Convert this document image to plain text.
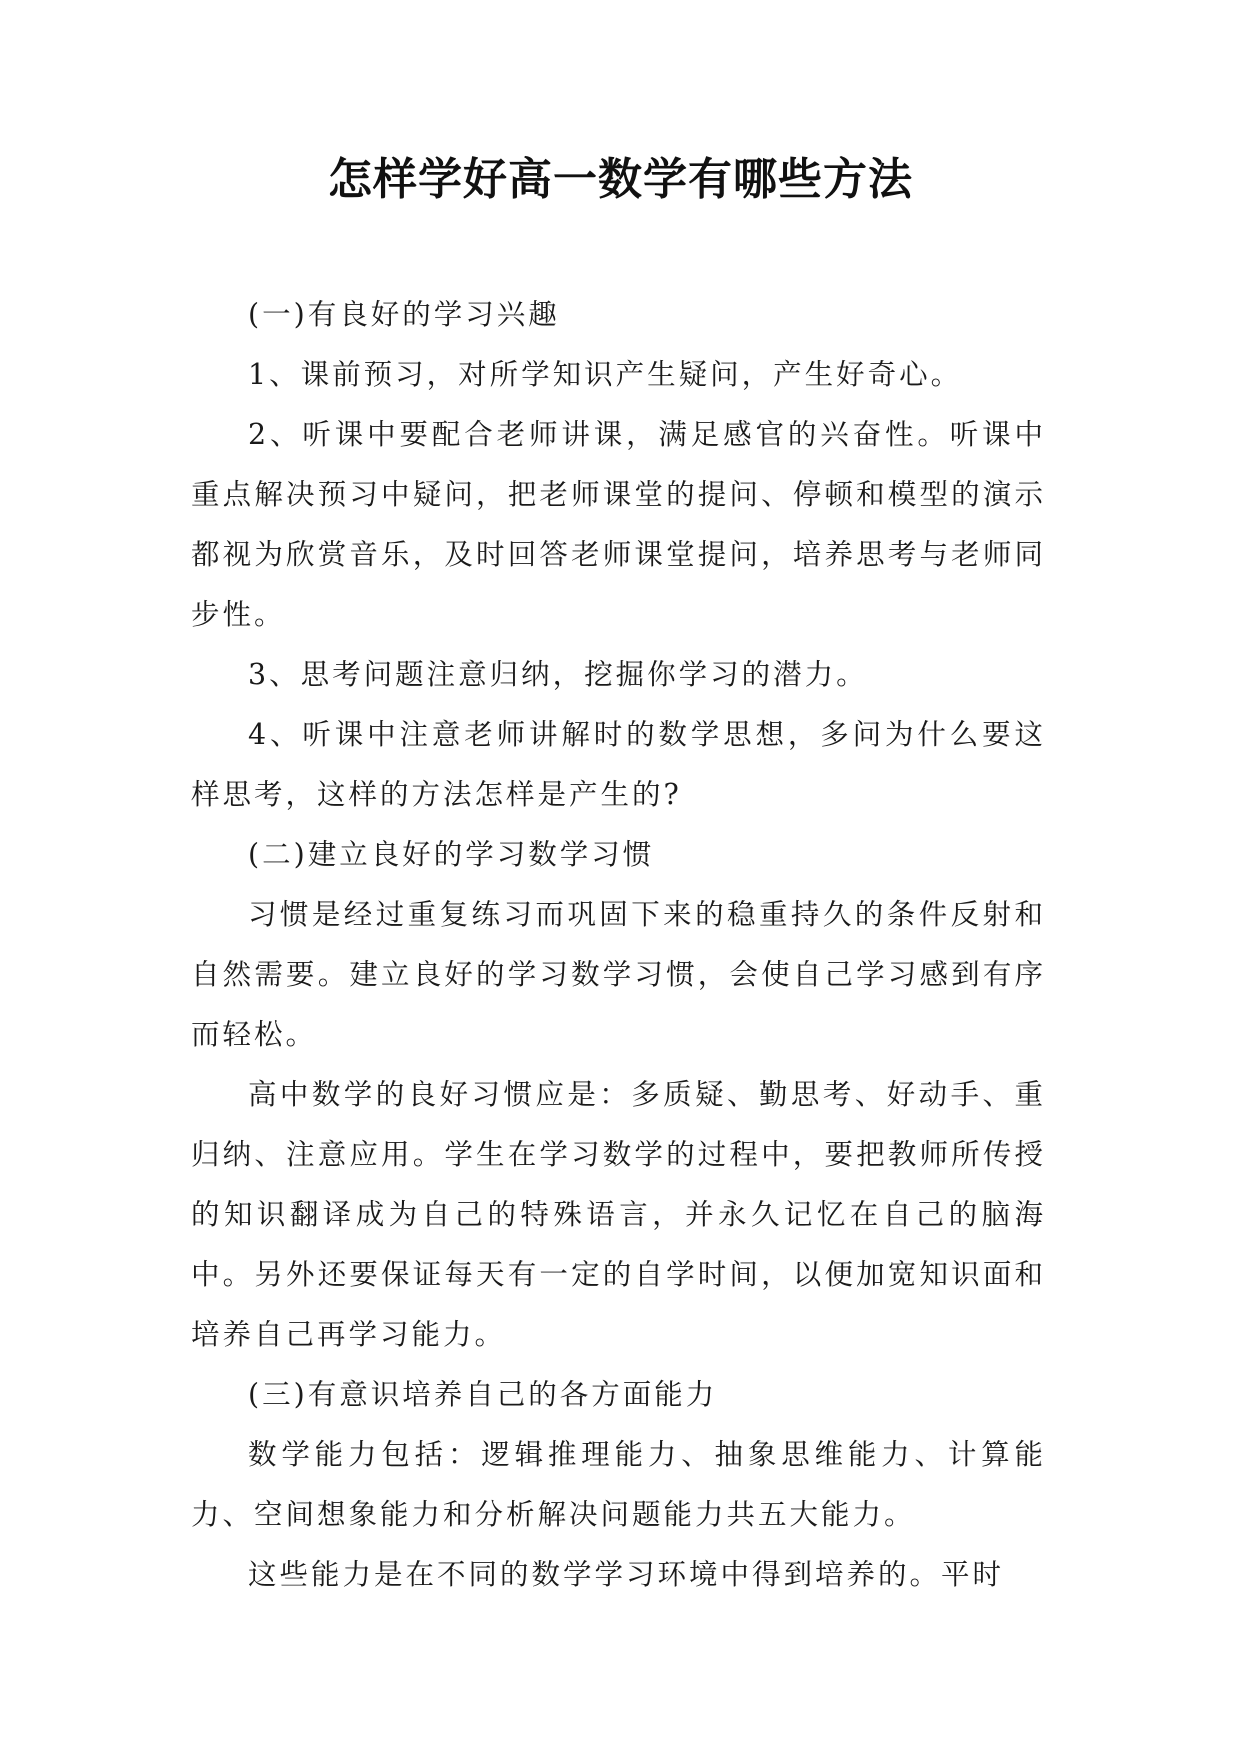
怎样学好高一数学有哪些方法

(一)有良好的学习兴趣

1、课前预习，对所学知识产生疑问，产生好奇心。

2、听课中要配合老师讲课，满足感官的兴奋性。听课中重点解决预习中疑问，把老师课堂的提问、停顿和模型的演示都视为欣赏音乐，及时回答老师课堂提问，培养思考与老师同步性。

3、思考问题注意归纳，挖掘你学习的潜力。

4、听课中注意老师讲解时的数学思想，多问为什么要这样思考，这样的方法怎样是产生的?

(二)建立良好的学习数学习惯

习惯是经过重复练习而巩固下来的稳重持久的条件反射和自然需要。建立良好的学习数学习惯，会使自己学习感到有序而轻松。

高中数学的良好习惯应是：多质疑、勤思考、好动手、重归纳、注意应用。学生在学习数学的过程中，要把教师所传授的知识翻译成为自己的特殊语言，并永久记忆在自己的脑海中。另外还要保证每天有一定的自学时间，以便加宽知识面和培养自己再学习能力。

(三)有意识培养自己的各方面能力

数学能力包括：逻辑推理能力、抽象思维能力、计算能力、空间想象能力和分析解决问题能力共五大能力。

这些能力是在不同的数学学习环境中得到培养的。平时
